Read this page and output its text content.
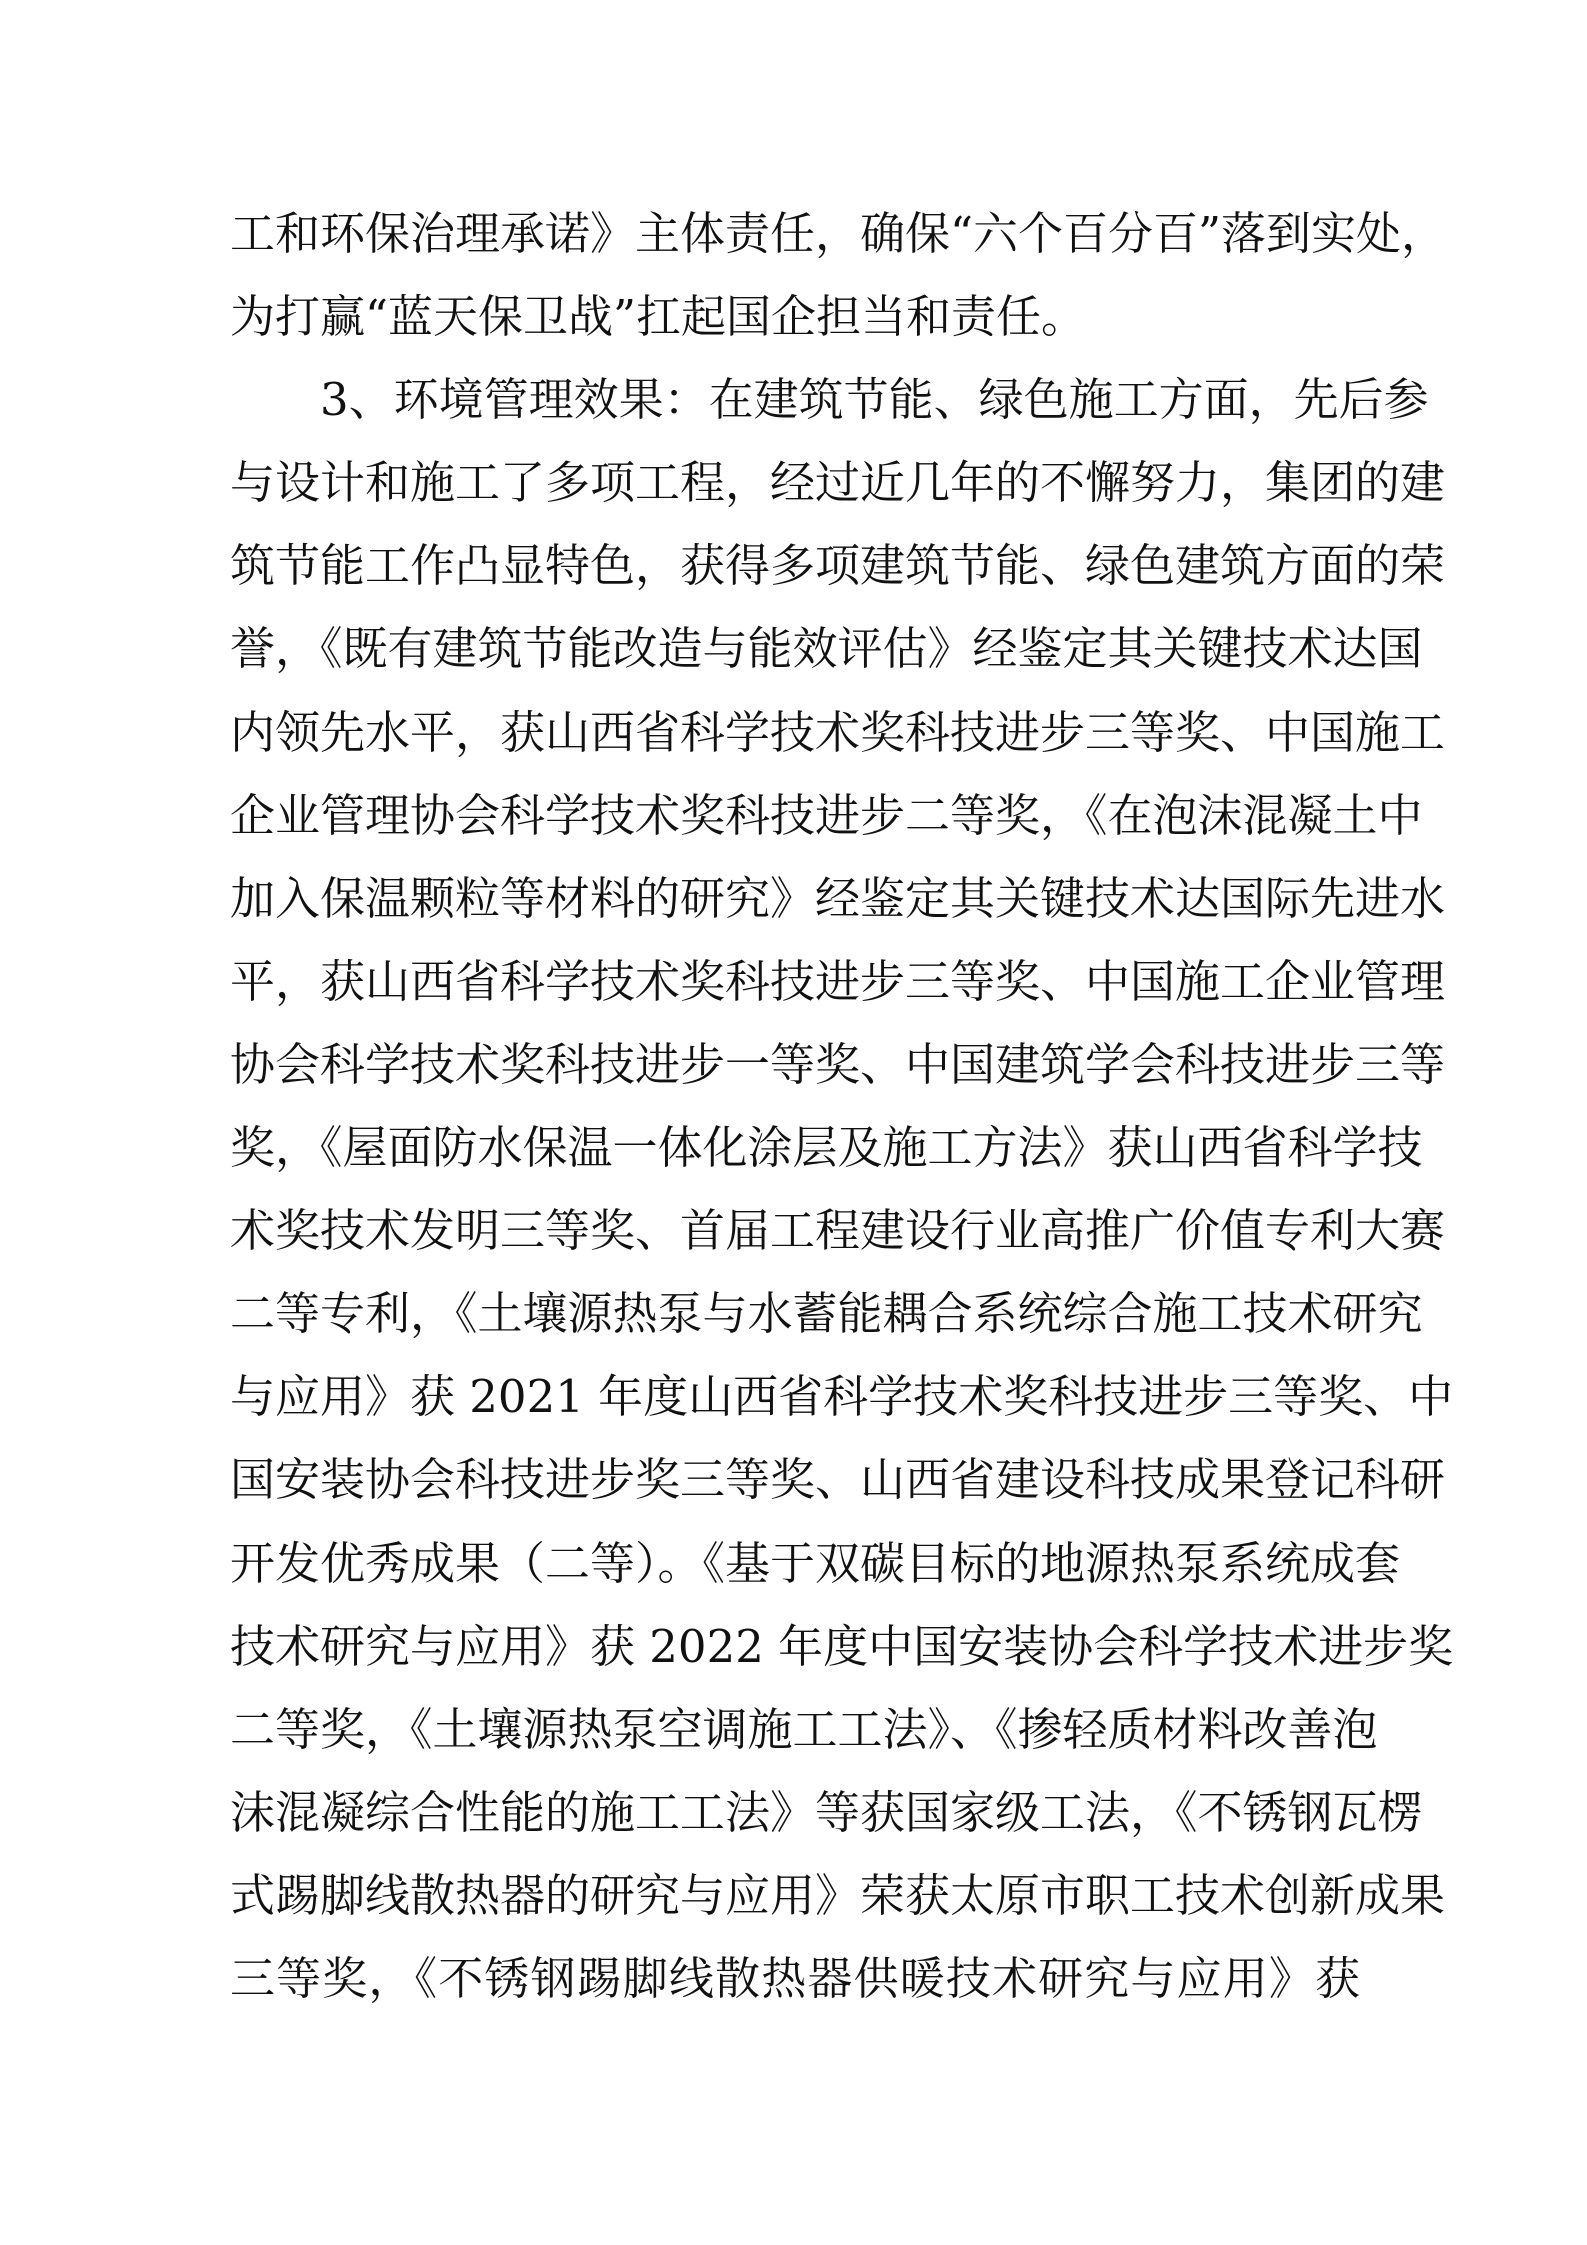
工和环保治理承诺》主体责任，确保“六个百分百”落到实处，
为打赢“蓝天保卫战”扛起国企担当和责任。
3、环境管理效果：在建筑节能、绿色施工方面，先后参
与设计和施工了多项工程，经过近几年的不懈努力，集团的建
筑节能工作凸显特色，获得多项建筑节能、绿色建筑方面的荣
誉，《既有建筑节能改造与能效评估》经鉴定其关键技术达国
内领先水平，获山西省科学技术奖科技进步三等奖、中国施工
企业管理协会科学技术奖科技进步二等奖，《在泡沫混凝土中
加入保温颗粒等材料的研究》经鉴定其关键技术达国际先进水
平，获山西省科学技术奖科技进步三等奖、中国施工企业管理
协会科学技术奖科技进步一等奖、中国建筑学会科技进步三等
奖，《屋面防水保温一体化涂层及施工方法》获山西省科学技
术奖技术发明三等奖、首届工程建设行业高推广价值专利大赛
二等专利，《土壤源热泵与水蓄能耦合系统综合施工技术研究
与应用》获 2021 年度山西省科学技术奖科技进步三等奖、中
国安装协会科技进步奖三等奖、山西省建设科技成果登记科研
开发优秀成果（二等）。《基于双碳目标的地源热泵系统成套
技术研究与应用》获 2022 年度中国安装协会科学技术进步奖
二等奖，《土壤源热泵空调施工工法》、《掺轻质材料改善泡
沫混凝综合性能的施工工法》等获国家级工法，《不锈钢瓦楞
式踢脚线散热器的研究与应用》荣获太原市职工技术创新成果
三等奖，《不锈钢踢脚线散热器供暖技术研究与应用》获
